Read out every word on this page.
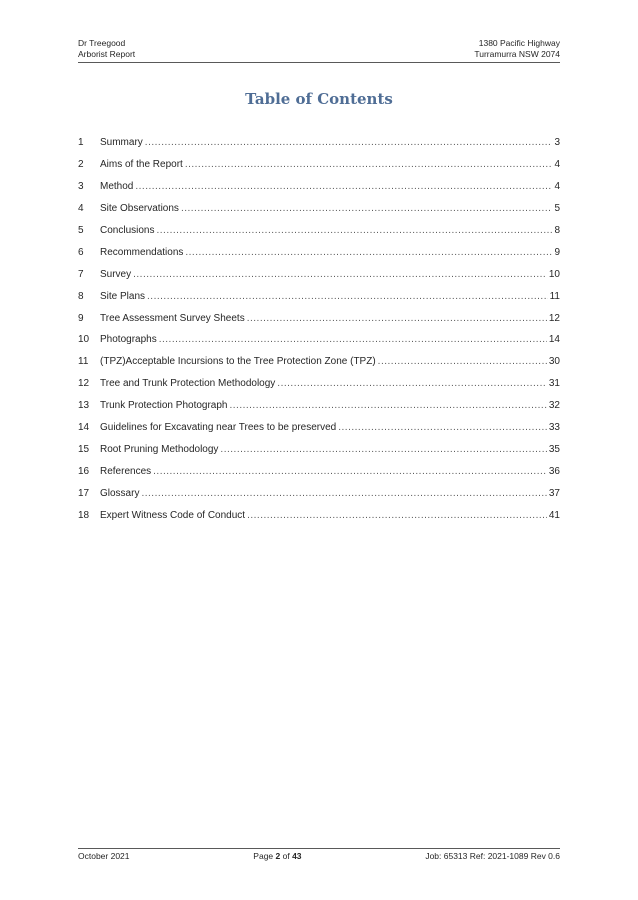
Dr Treegood
Arborist Report
1380 Pacific Highway
Turramurra NSW 2074
Table of Contents
1	Summary .....	3
2	Aims of the Report .....	4
3	Method .....	4
4	Site Observations .....	5
5	Conclusions .....	8
6	Recommendations .....	9
7	Survey .....	10
8	Site Plans .....	11
9	Tree Assessment Survey Sheets .....	12
10	Photographs .....	14
11	(TPZ)Acceptable Incursions to the Tree Protection Zone (TPZ) .....	30
12	Tree and Trunk Protection Methodology .....	31
13	Trunk Protection Photograph .....	32
14	Guidelines for Excavating near Trees to be preserved .....	33
15	Root Pruning Methodology .....	35
16	References .....	36
17	Glossary .....	37
18	Expert Witness Code of Conduct .....	41
October 2021	Page 2 of 43	Job: 65313 Ref: 2021-1089 Rev 0.6
